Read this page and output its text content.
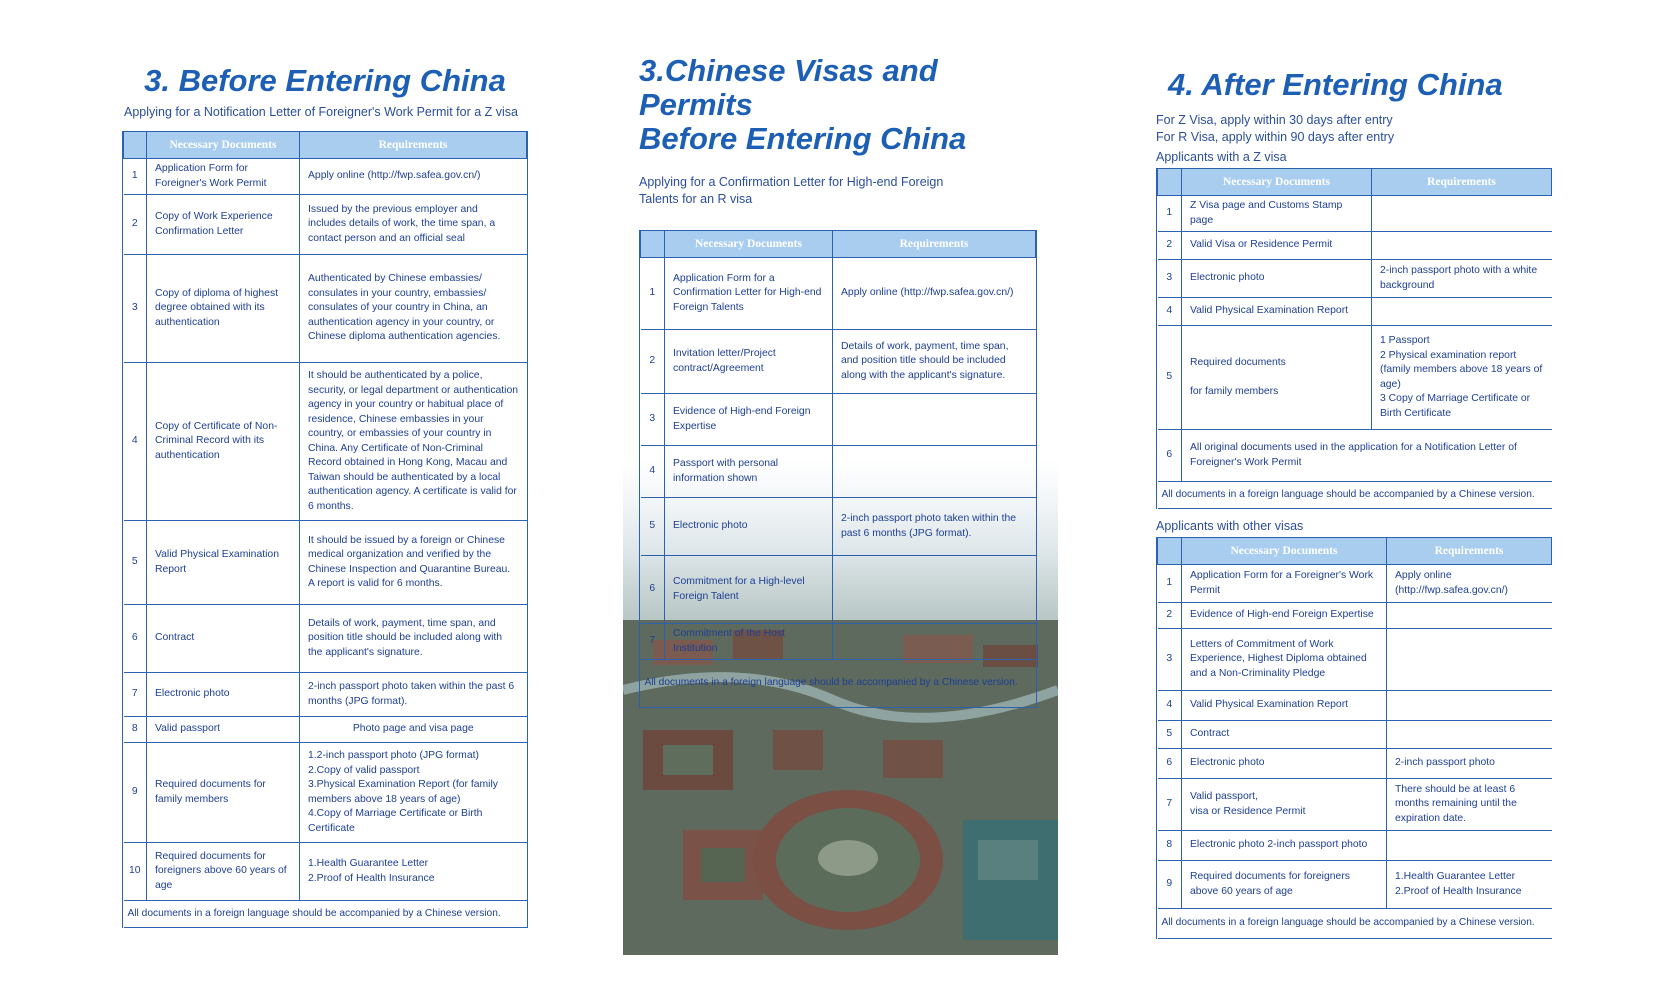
3. Before Entering China
Applying for a Notification Letter of Foreigner's Work Permit for a Z visa
	Necessary Documents	Requirements
1	Application Form for Foreigner's Work Permit	Apply online (http://fwp.safea.gov.cn/)
2	Copy of Work Experience Confirmation Letter	Issued by the previous employer and includes details of work, the time span, a contact person and an official seal
3	Copy of diploma of highest degree obtained with its authentication	Authenticated by Chinese embassies/ consulates in your country, embassies/ consulates of your country in China, an authentication agency in your country, or Chinese diploma authentication agencies.
4	Copy of Certificate of Non-Criminal Record with its authentication	It should be authenticated by a police, security, or legal department or authentication agency in your country or habitual place of residence, Chinese embassies in your country, or embassies of your country in China. Any Certificate of Non-Criminal Record obtained in Hong Kong, Macau and Taiwan should be authenticated by a local authentication agency. A certificate is valid for 6 months.
5	Valid Physical Examination Report	It should be issued by a foreign or Chinese medical organization and verified by the Chinese Inspection and Quarantine Bureau. A report is valid for 6 months.
6	Contract	Details of work, payment, time span, and position title should be included along with the applicant's signature.
7	Electronic photo	2-inch passport photo taken within the past 6 months (JPG format).
8	Valid passport	Photo page and visa page
9	Required documents for family members	1.2-inch passport photo (JPG format)
2.Copy of valid passport
3.Physical Examination Report (for family members above 18 years of age)
4.Copy of Marriage Certificate or Birth Certificate
10	Required documents for foreigners above 60 years of age	1.Health Guarantee Letter
2.Proof of Health Insurance
All documents in a foreign language should be accompanied by a Chinese version.		
3.Chinese Visas and Permits
Before Entering China
Applying for a Confirmation Letter for High-end Foreign Talents for an R visa
	Necessary Documents	Requirements
1	Application Form for a Confirmation Letter for High-end Foreign Talents	Apply online (http://fwp.safea.gov.cn/)
2	Invitation letter/Project contract/Agreement	Details of work, payment, time span, and position title should be included along with the applicant's signature.
3	Evidence of High-end Foreign Expertise	
4	Passport with personal information shown	
5	Electronic photo	2-inch passport photo taken within the past 6 months (JPG format).
6	Commitment for a High-level Foreign Talent	
7	Commitment of the Host Institution	
All documents in a foreign language should be accompanied by a Chinese version.		
4. After Entering China
For Z Visa, apply within 30 days after entry
For R Visa, apply within 90 days after entry
Applicants with a Z visa
	Necessary Documents	Requirements
1	Z Visa page and Customs Stamp page	
2	Valid Visa or Residence Permit	
3	Electronic photo	2-inch passport photo with a white background
4	Valid Physical Examination Report	
5	Required documents

for family members	1 Passport
2 Physical examination report (family members above 18 years of age)
3 Copy of Marriage Certificate or Birth Certificate
6	All original documents used in the application for a Notification Letter of Foreigner's Work Permit	
All documents in a foreign language should be accompanied by a Chinese version.		
Applicants with other visas
	Necessary Documents	Requirements
1	Application Form for a Foreigner's Work Permit	Apply online (http://fwp.safea.gov.cn/)
2	Evidence of High-end Foreign Expertise	
3	Letters of Commitment of Work Experience, Highest Diploma obtained and a Non-Criminality Pledge	
4	Valid Physical Examination Report	
5	Contract	
6	Electronic photo	2-inch passport photo
7	Valid passport,
visa or Residence Permit	There should be at least 6 months remaining until the expiration date.
8	Electronic photo 2-inch passport photo	
9	Required documents for foreigners above 60 years of age	1.Health Guarantee Letter
2.Proof of Health Insurance
All documents in a foreign language should be accompanied by a Chinese version.		
